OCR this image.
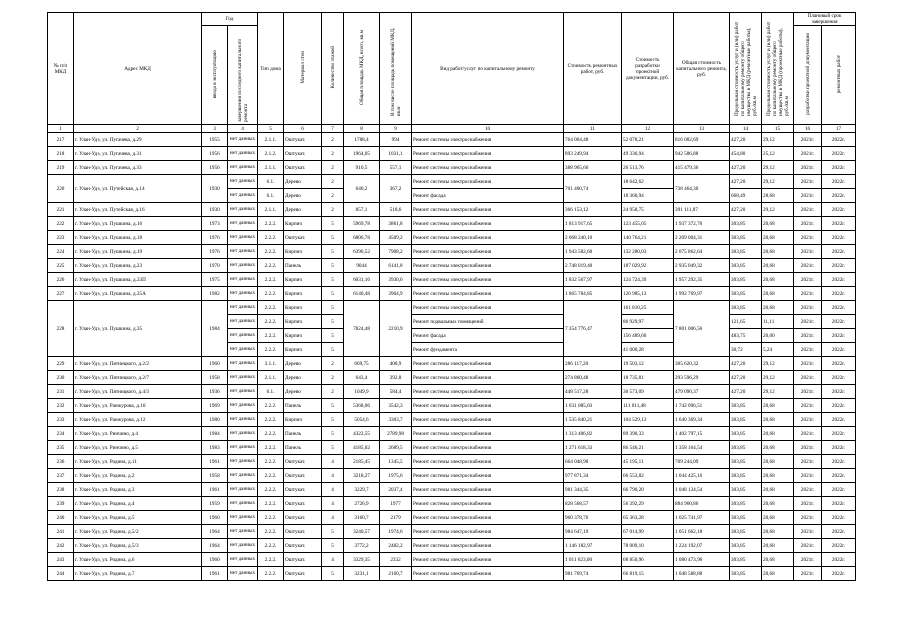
№ п/п МКД	Адрес МКД	Год		Тип дома	Материал стен	Количество этажей	Общая площадь МКД, всего, кв.м	В том числе площадь помещений МКД, кв.м	Вид работ/услуг по капитальному ремонту	Стоимость ремонтных работ, руб.	Стоимость разработки проектной документации, руб.	Общая стоимость капитального ремонта, руб.	Предельная стоимость услуг и (или) работ по капитальному ремонту общего имущества в МКД (ремонтные работы), руб./кв.м	Предельная стоимость услуг и (или) работ по капитальному ремонту общего имущества в МКД (проектные работы), руб./кв.м	Плановый срок завершения	
		ввода в эксплуатацию	завершения последнего капитального ремонта												разработки проектной документации	ремонтных работ
1	2	3	4	5	6	7	8	9	10	11	12	13	14	15	16	17
217	г. Улан-Удэ, ул. Пугачева, д.29	1955	нет данных	2.1.1.	Оштукат.	2	1788,4	994	Ремонт системы электроснабжения	764 004,48	52 078,21	816 082,69	427,20	29,12	2021г.	2022г.
218	г. Улан-Удэ, ул. Пугачева, д.31	1956	нет данных	2.1.2.	Оштукат.	2	1964,05	1031,1	Ремонт системы электроснабжения	893 249,94	49 336,94	942 586,88	454,80	25,12	2021г.	2022г.
219	г. Улан-Удэ, ул. Пугачева, д.33	1956	нет данных	2.1.1.	Оштукат.	2	910,5	557,1	Ремонт системы электроснабжения	388 965,60	26 513,76	415 479,36	427,20	29,12	2021г.	2022г.
220	г. Улан-Удэ, ул. Путейская, д.14	1930	нет данных	6.1.	Дерево	2	640,2	367,2	Ремонт системы электроснабжения	701 460,74	18 642,62	738 464,30	427,20	29,12	2021г.	2022г.
			нет данных	6.1.	Дерево	2			Ремонт фасада		18 360,94		668,49	28,68	2021г.	2022г.
221	г. Улан-Удэ, ул. Путейская, д.16	1930	нет данных	2.1.1.	Дерево	2	857,1	518,6	Ремонт системы электроснабжения	366 153,12	24 958,75	391 111,87	427,20	29,12	2021г.	2022г.
222	г. Улан-Удэ, ул. Пушкина, д.16	1973	нет данных	2.2.2.	Кирпич	5	5969,78	3861,8	Ремонт системы электроснабжения	1 813 917,65	123 455,05	1 937 372,70	303,85	20,68	2021г.	2022г.
223	г. Улан-Удэ, ул. Пушкина, д.18	1976	нет данных	2.2.2.	Оштукат.	5	6806,78	4509,2	Ремонт системы электроснабжения	2 068 240,10	140 764,21	2 209 004,31	303,85	20,68	2021г.	2022г.
224	г. Улан-Удэ, ул. Пушкина, д.19	1976	нет данных	2.2.2.	Кирпич	5	6396,52	7908,2	Ремонт системы электроснабжения	1 943 582,60	132 280,03	2 075 862,64	303,85	20,68	2021г.	2022г.
225	г. Улан-Удэ, ул. Пушкина, д.23	1970	нет данных	2.2.2.	Панель	5	9044	6141,8	Ремонт системы электроснабжения	2 748 019,40	187 029,92	2 935 049,32	303,85	20,68	2021г.	2022г.
226	г. Улан-Удэ, ул. Пушкина, д.33П	1975	нет данных	2.2.2.	Кирпич	5	6031,16	3930,6	Ремонт системы электроснабжения	1 832 567,97	124 724,39	1 957 292,35	303,85	20,68	2021г.	2022г.
227	г. Улан-Удэ, ул. Пушкина, д.35А	1982	нет данных	2.2.2.	Кирпич	5	6140,48	3904,9	Ремонт системы электроснабжения	1 865 784,85	126 985,13	1 992 769,97	303,85	20,68	2021г.	2022г.
228	г. Улан-Удэ, ул. Пушкина, д.35	1984	нет данных	2.2.2.	Кирпич	5	7824,48	2210,9	Ремонт системы электроснабжения	7 354 776,47	161 810,25	7 801 006,56	303,85	20,68	2021г.	2022г.
			нет данных	2.2.2.	Кирпич	5			Ремонт подвальных помещений		86 929,97		121,65	11,11	2021г.	2022г.
			нет данных	2.2.2.	Кирпич	5			Ремонт фасада		156 489,60		483,75	20,00	2021г.	2022г.
			нет данных	2.2.2.	Кирпич	5			Ремонт фундамента		41 000,28		30,72	5,24	2021г.	2022г.
229	г. Улан-Удэ, ул. Пятницкого, д.2/2	1960	нет данных	3.1.1.	Дерево	2	669,75	408,9	Ремонт системы электроснабжения	286 117,20	19 503,12	305 620,32	427,20	29,12	2021г.	2022г.
230	г. Улан-Удэ, ул. Пятницкого, д.2/7	1958	нет данных	2.1.1.	Дерево	2	643,4	392,8	Ремонт системы электроснабжения	274 860,48	18 735,81	293 596,29	427,20	29,12	2021г.	2022г.
231	г. Улан-Удэ, ул. Пятницкого, д.4/3	1936	нет данных	6.1.	Дерево	2	1049,9	584,4	Ремонт системы электроснабжения	448 517,28	30 573,09	479 090,37	427,20	29,12	2021г.	2022г.
232	г. Улан-Удэ, ул. Ранжурова, д.10	1969	нет данных	2.2.2.	Панель	5	5368,06	3542,3	Ремонт системы электроснабжения	1 631 085,03	111 011,48	1 742 096,51	303,85	20,68	2021г.	2022г.
233	г. Улан-Удэ, ул. Ранжурова, д.12	1980	нет данных	2.2.2.	Кирпич	5	5054,6	3303,7	Ремонт системы электроснабжения	1 535 840,21	104 529,13	1 640 369,34	303,85	20,68	2021г.	2022г.
234	г. Улан-Удэ, ул. Ринчино, д.4	1984	нет данных	2.2.2.	Панель	5	4322,55	2789,98	Ремонт системы электроснабжения	1 313 406,82	89 390,33	1 402 797,15	303,85	20,68	2021г.	2022г.
235	г. Улан-Удэ, ул. Ринчино, д.5	1983	нет данных	2.2.2.	Панель	5	4185,02	2689,5	Ремонт системы электроснабжения	1 271 618,33	86 546,21	1 358 164,54	303,85	20,68	2021г.	2022г.
236	г. Улан-Удэ, ул. Родина, д.11	1961	нет данных	2.2.2.	Оштукат.	4	2185,45	1345,5	Ремонт системы электроснабжения	664 048,98	45 195,11	709 244,09	303,85	20,68	2021г.	2022г.
237	г. Улан-Удэ, ул. Родина, д.2	1958	нет данных	2.2.2.	Оштукат.	4	3218,27	1975,6	Ремонт системы электроснабжения	977 871,34	66 553,82	1 044 425,16	303,85	20,68	2021г.	2022г.
238	г. Улан-Удэ, ул. Родина, д.3	1961	нет данных	2.2.2.	Оштукат.	4	3229,7	2037,4	Ремонт системы электроснабжения	981 344,35	66 790,20	1 048 134,54	303,85	20,68	2021г.	2022г.
239	г. Улан-Удэ, ул. Родина, д.4	1959	нет данных	2.2.2.	Оштукат.	4	2726,9	1977	Ремонт системы электроснабжения	828 568,57	56 392,29	884 960,86	303,85	20,68	2021г.	2022г.
240	г. Улан-Удэ, ул. Родина, д.5	1960	нет данных	2.2.2.	Оштукат.	4	3160,7	2179	Ремонт системы электроснабжения	960 378,70	65 363,28	1 025 741,97	303,85	20,68	2021г.	2022г.
241	г. Улан-Удэ, ул. Родина, д.5/2	1964	нет данных	2.2.2.	Оштукат.	5	3240,57	1974,6	Ремонт системы электроснабжения	984 647,19	67 014,99	1 051 662,18	303,85	20,68	2021г.	2022г.
242	г. Улан-Удэ, ул. Родина, д.5/3	1964	нет данных	2.2.2.	Оштукат.	5	3772,2	2482,2	Ремонт системы электроснабжения	1 146 182,97	78 009,10	1 224 192,07	303,85	20,68	2021г.	2022г.
243	г. Улан-Удэ, ул. Родина, д.6	1960	нет данных	2.2.2.	Оштукат.	4	3329,35	2332	Ремонт системы электроснабжения	1 011 623,00	68 850,96	1 080 473,96	303,85	20,68	2021г.	2022г.
244	г. Улан-Удэ, ул. Родина, д.7	1961	нет данных	2.2.2.	Оштукат.	5	3231,1	2160,7	Ремонт системы электроснабжения	981 769,74	66 819,15	1 048 588,88	303,85	20,68	2021г.	2022г.
